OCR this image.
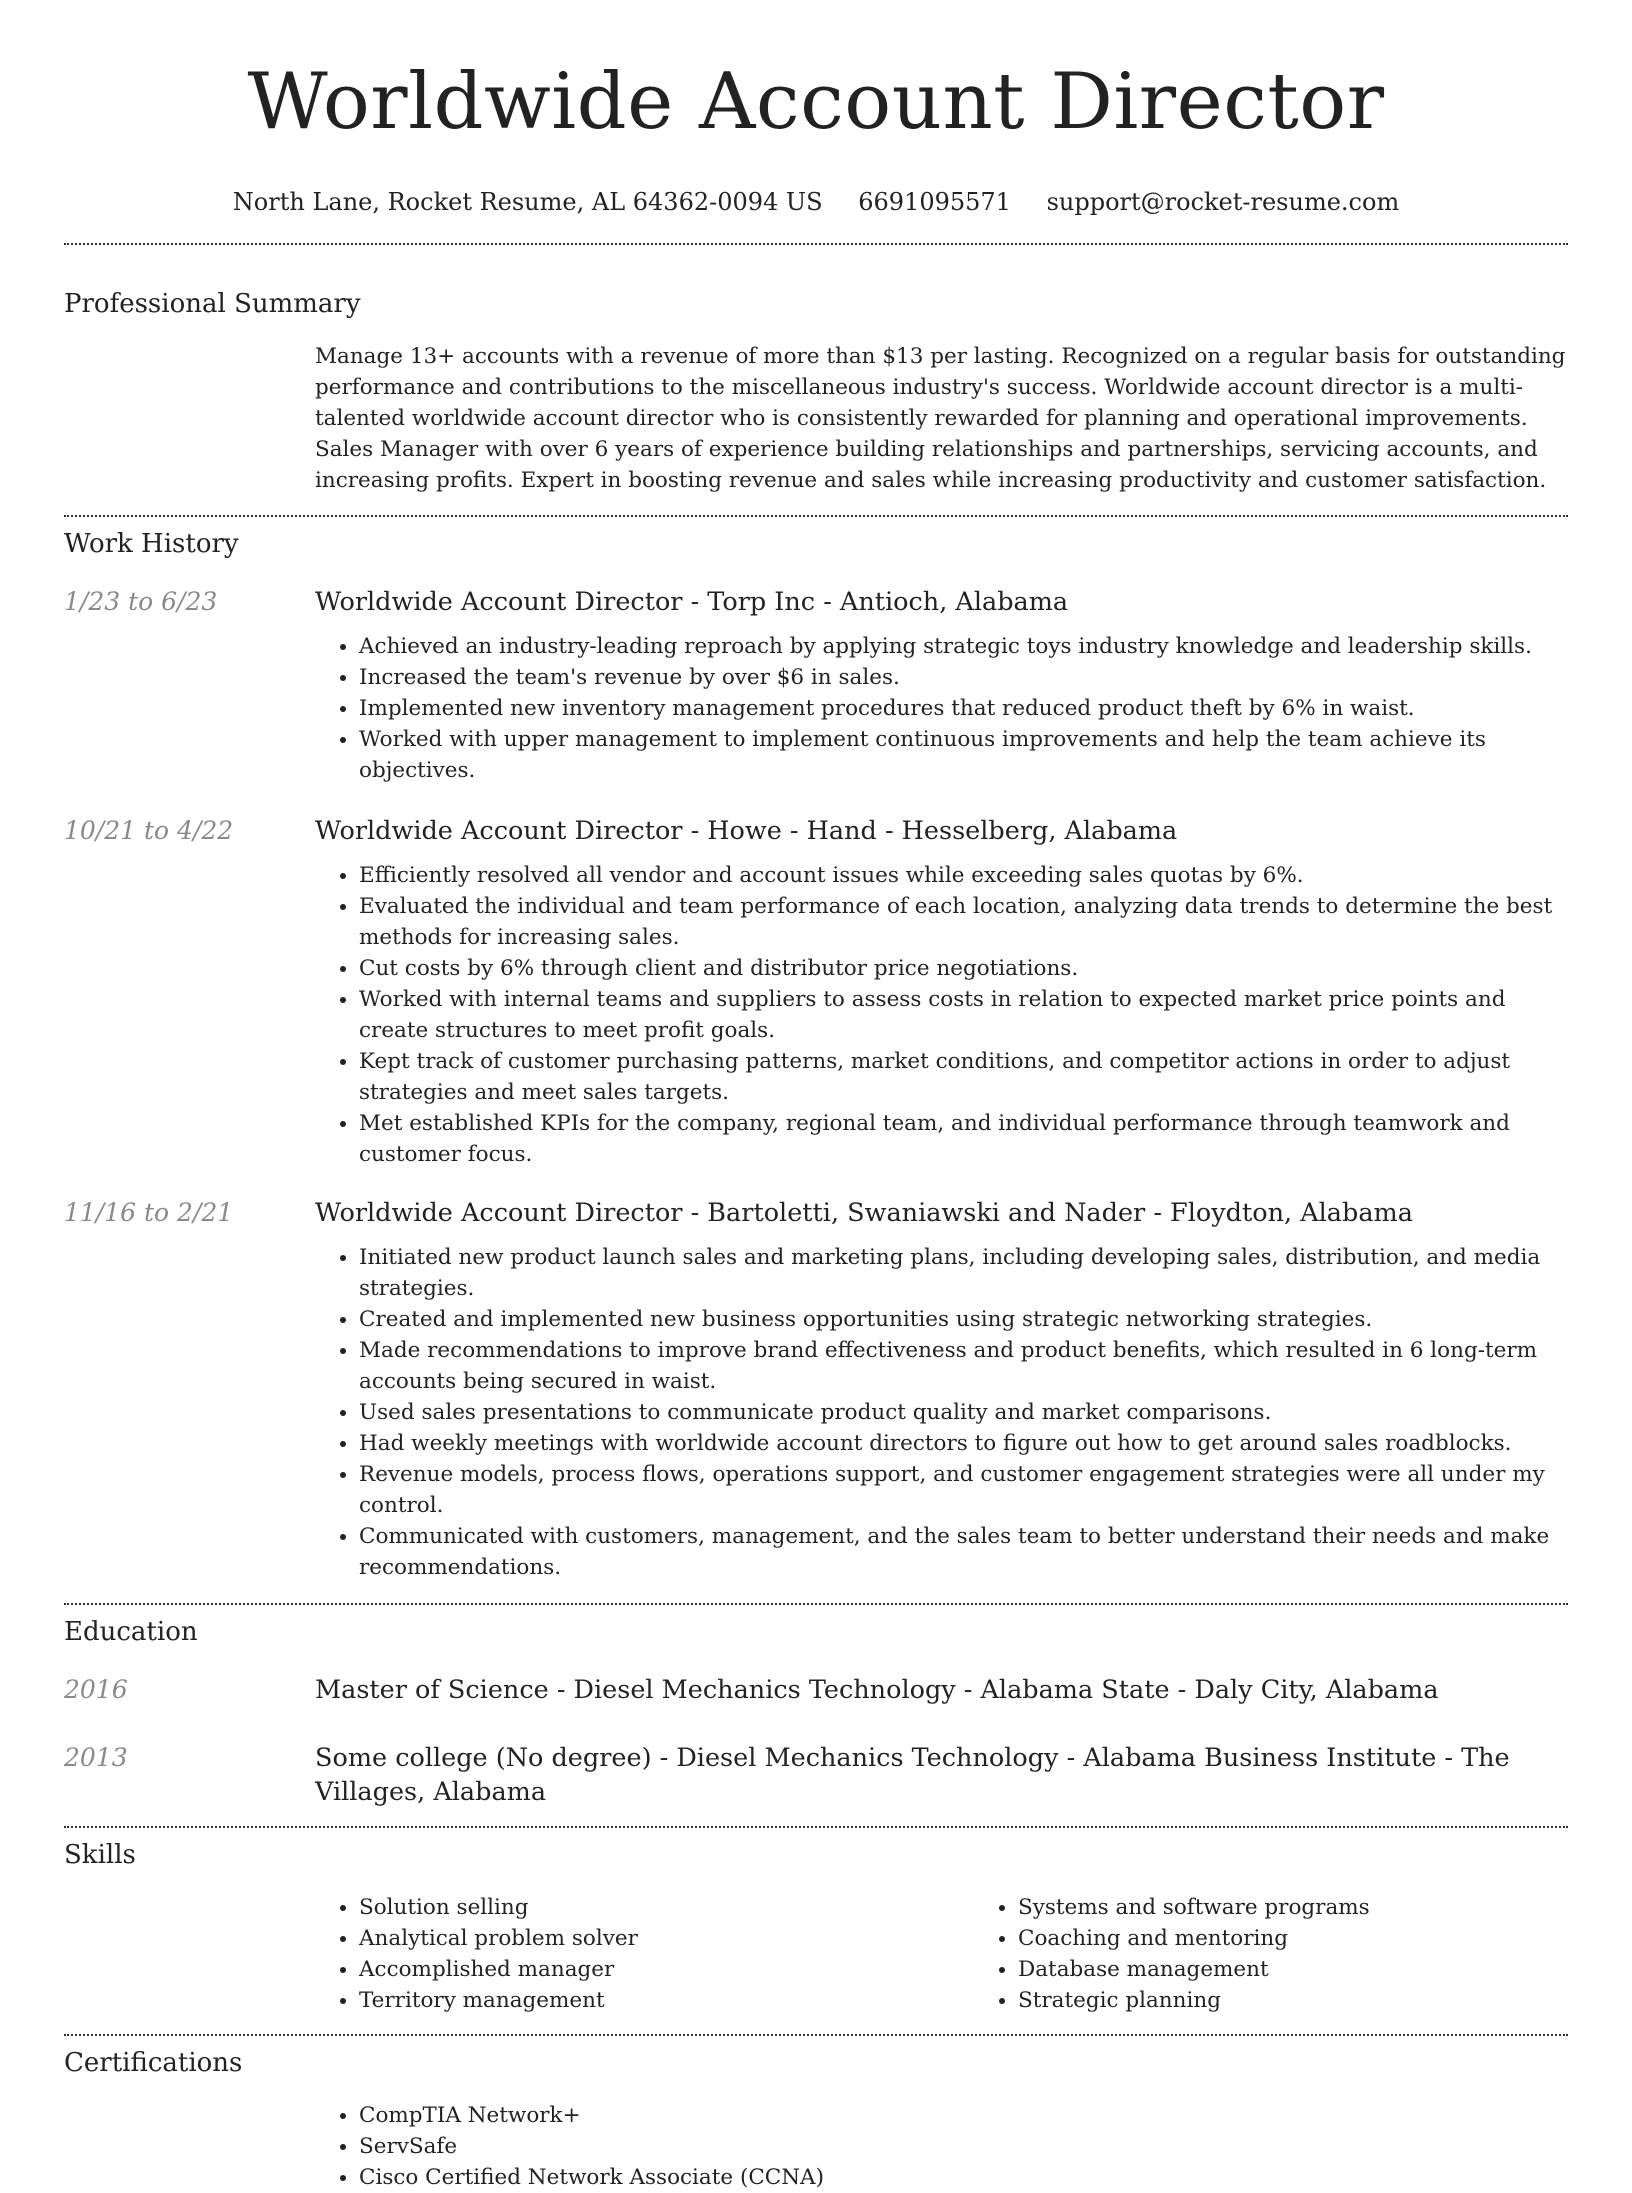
Worldwide Account Director
North Lane, Rocket Resume, AL 64362-0094 US 6691095571 support@rocket-resume.com
Professional Summary
Manage 13+ accounts with a revenue of more than $13 per lasting. Recognized on a regular basis for outstanding performance and contributions to the miscellaneous industry's success. Worldwide account director is a multi-talented worldwide account director who is consistently rewarded for planning and operational improvements. Sales Manager with over 6 years of experience building relationships and partnerships, servicing accounts, and increasing profits. Expert in boosting revenue and sales while increasing productivity and customer satisfaction.
Work History
1/23 to 6/23	Worldwide Account Director - Torp Inc - Antioch, Alabama
• Achieved an industry-leading reproach by applying strategic toys industry knowledge and leadership skills.
• Increased the team's revenue by over $6 in sales.
• Implemented new inventory management procedures that reduced product theft by 6% in waist.
• Worked with upper management to implement continuous improvements and help the team achieve its objectives.
10/21 to 4/22	Worldwide Account Director - Howe - Hand - Hesselberg, Alabama
• Efficiently resolved all vendor and account issues while exceeding sales quotas by 6%.
• Evaluated the individual and team performance of each location, analyzing data trends to determine the best methods for increasing sales.
• Cut costs by 6% through client and distributor price negotiations.
• Worked with internal teams and suppliers to assess costs in relation to expected market price points and create structures to meet profit goals.
• Kept track of customer purchasing patterns, market conditions, and competitor actions in order to adjust strategies and meet sales targets.
• Met established KPIs for the company, regional team, and individual performance through teamwork and customer focus.
11/16 to 2/21	Worldwide Account Director - Bartoletti, Swaniawski and Nader - Floydton, Alabama
• Initiated new product launch sales and marketing plans, including developing sales, distribution, and media strategies.
• Created and implemented new business opportunities using strategic networking strategies.
• Made recommendations to improve brand effectiveness and product benefits, which resulted in 6 long-term accounts being secured in waist.
• Used sales presentations to communicate product quality and market comparisons.
• Had weekly meetings with worldwide account directors to figure out how to get around sales roadblocks.
• Revenue models, process flows, operations support, and customer engagement strategies were all under my control.
• Communicated with customers, management, and the sales team to better understand their needs and make recommendations.
Education
2016	Master of Science - Diesel Mechanics Technology - Alabama State - Daly City, Alabama
2013	Some college (No degree) - Diesel Mechanics Technology - Alabama Business Institute - The Villages, Alabama
Skills
• Solution selling
• Analytical problem solver
• Accomplished manager
• Territory management
• Systems and software programs
• Coaching and mentoring
• Database management
• Strategic planning
Certifications
• CompTIA Network+
• ServSafe
• Cisco Certified Network Associate (CCNA)
